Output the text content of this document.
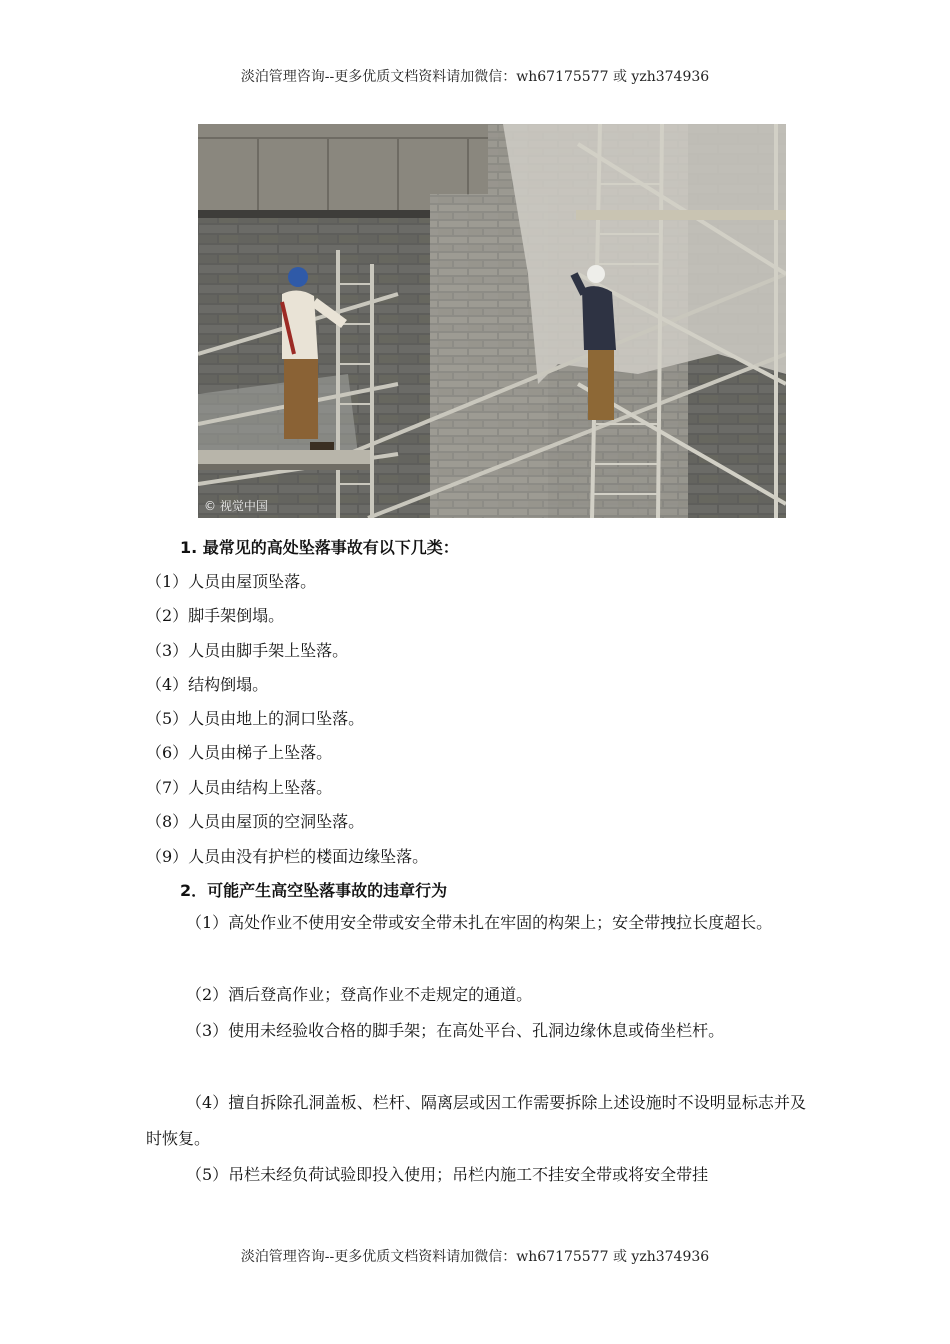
淡泊管理咨询--更多优质文档资料请加微信：wh67175577 或 yzh374936
© 视觉中国
1. 最常见的高处坠落事故有以下几类：
（1）人员由屋顶坠落。
（2）脚手架倒塌。
（3）人员由脚手架上坠落。
（4）结构倒塌。
（5）人员由地上的洞口坠落。
（6）人员由梯子上坠落。
（7）人员由结构上坠落。
（8）人员由屋顶的空洞坠落。
（9）人员由没有护栏的楼面边缘坠落。
2．可能产生高空坠落事故的违章行为
（1）高处作业不使用安全带或安全带未扎在牢固的构架上；安全带拽拉长度超长。
（2）酒后登高作业；登高作业不走规定的通道。
（3）使用未经验收合格的脚手架；在高处平台、孔洞边缘休息或倚坐栏杆。
（4）擅自拆除孔洞盖板、栏杆、隔离层或因工作需要拆除上述设施时不设明显标志并及时恢复。
（5）吊栏未经负荷试验即投入使用；吊栏内施工不挂安全带或将安全带挂
淡泊管理咨询--更多优质文档资料请加微信：wh67175577 或 yzh374936
